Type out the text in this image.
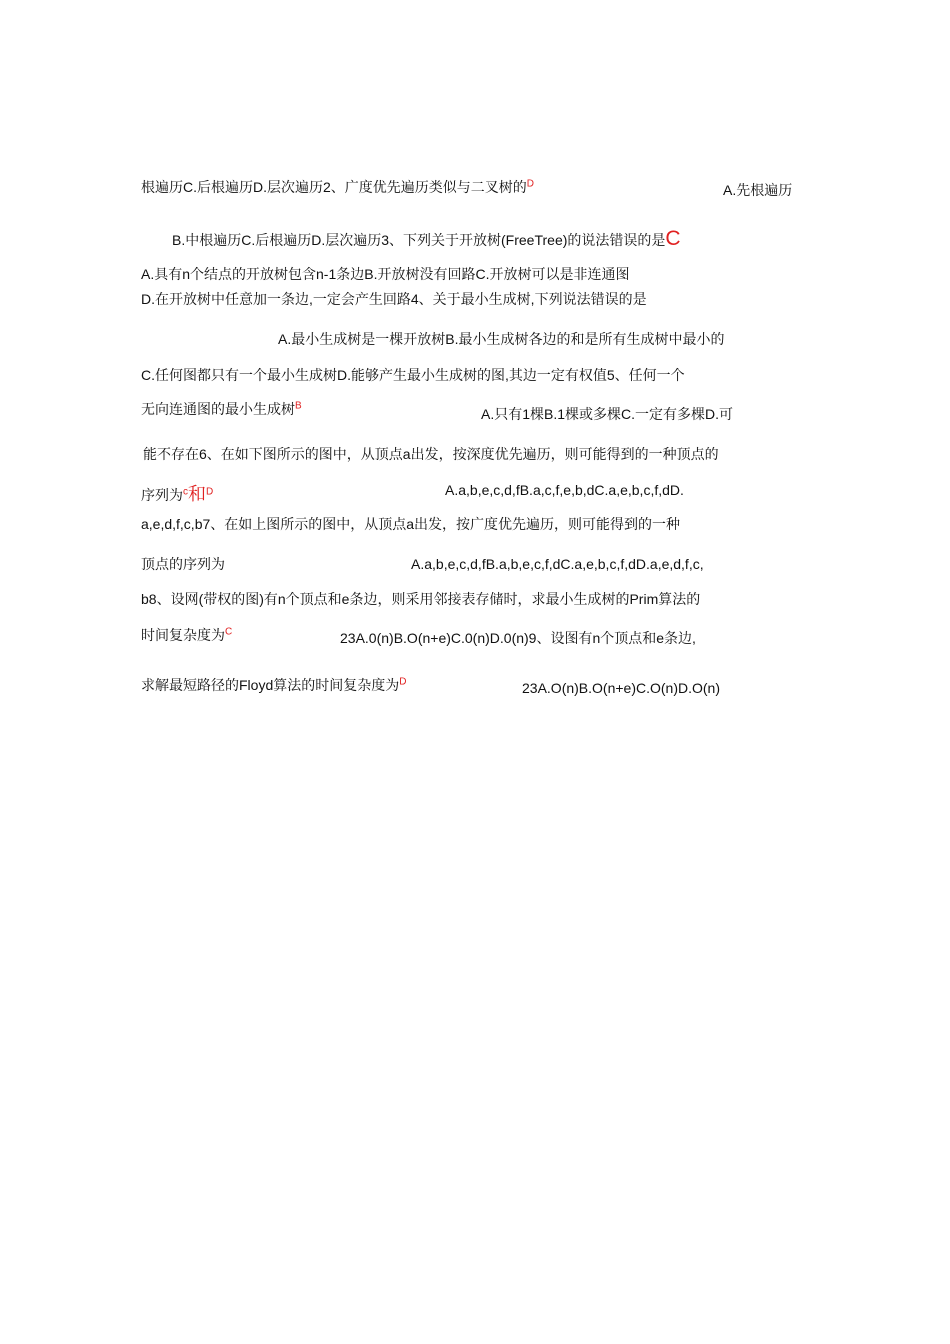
根遍历C.后根遍历D.层次遍历2、广度优先遍历类似与二叉树的$^D$	A.先根遍历
B.中根遍历C.后根遍历D.层次遍历3、下列关于开放树(FreeTree)的说法错误的是C
A.具有n个结点的开放树包含n-1条边B.开放树没有回路C.开放树可以是非连通图
D.在开放树中任意加一条边,一定会产生回路4、关于最小生成树,下列说法错误的是
A.最小生成树是一棵开放树B.最小生成树各边的和是所有生成树中最小的
C.任何图都只有一个最小生成树D.能够产生最小生成树的图,其边一定有权值5、任何一个
无向连通图的最小生成树$^B$
A.只有1棵B.1棵或多棵C.一定有多棵D.可
能不存在6、在如下图所示的图中，从顶点a出发，按深度优先遍历，则可能得到的一种顶点的
序列为$^c$和$^D$	A.a,b,e,c,d,fB.a,c,f,e,b,dC.a,e,b,c,f,dD.
a,e,d,f,c,b7、在如上图所示的图中，从顶点a出发，按广度优先遍历，则可能得到的一种
顶点的序列为	A.a,b,e,c,d,fB.a,b,e,c,f,dC.a,e,b,c,f,dD.a,e,d,f,c,
b8、设网(带权的图)有n个顶点和e条边，则采用邻接表存储时，求最小生成树的Prim算法的
时间复杂度为$^C$	23A.0(n)B.O(n+e)C.0(n)D.0(n)9、设图有n个顶点和e条边,
求解最短路径的Floyd算法的时间复杂度为$^D$	23A.O(n)B.O(n+e)C.O(n)D.O(n)
